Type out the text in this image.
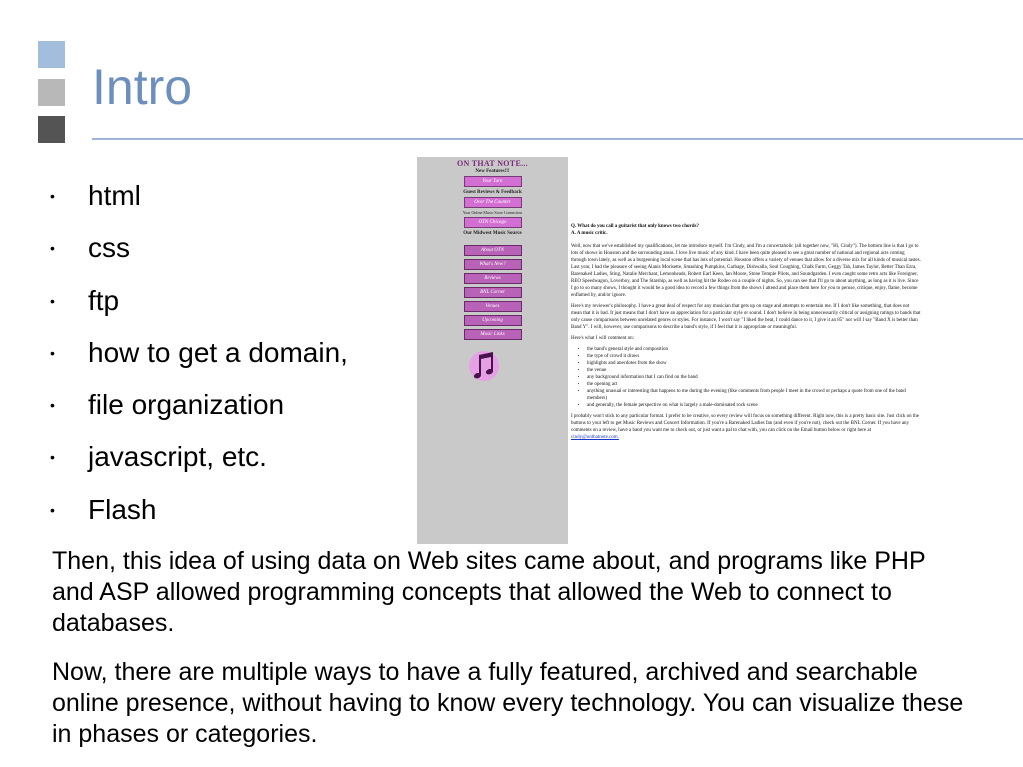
Intro
•	html
•	css
•	ftp
•	how to get a domain,
•	file organization
•	javascript, etc.
•	Flash
ON THAT NOTE...
New Features!!!
Your Turn
Guest Reviews & Feedback
Over The Counter
Your Online Music Store Connection
OTN Chicago
Our Midwest Music Source
About OTN
What's New?
Reviews
BNL Corner
Venues
Upcoming
Music Links

Q. What do you call a guitarist that only knows two chords?

A. A music critic.

Well, now that we've established my qualifications, let me introduce myself. I'm Cindy, and I'm a concertaholic (all together now, "Hi, Cindy"). The bottom line is that I go to lots of shows in Houston and the surrounding areas. I love live music of any kind. I have been quite pleased to see a great number of national and regional acts coming through town lately, as well as a burgeoning local scene that has lots of potential. Houston offers a variety of venues that allow for a diverse mix for all kinds of musical tastes. Last year, I had the pleasure of seeing Alanis Morisette, Smashing Pumpkins, Garbage, Dishwalla, Soul Coughing, Chalk Farm, Geggy Tah, James Taylor, Better Than Ezra, Barenaked Ladies, Sting, Natalie Merchant, Lemonheads, Robert Earl Keen, Ian Moore, Stone Temple Pilots, and Soundgarden. I even caught some retro acts like Foreigner, REO Speedwagon, Loverboy, and The Starship, as well as having hit the Rodeo on a couple of nights. So, you can see that I'll go to about anything, as long as it is live. Since I go to so many shows, I thought it would be a good idea to record a few things from the shows I attend and place them here for you to peruse, critique, enjoy, flame, become enflamed by, and/or ignore.

Here's my reviewer's philosophy. I have a great deal of respect for any musician that gets up on stage and attempts to entertain me. If I don't like something, that does not mean that it is bad. It just means that I don't have an appreciation for a particular style or sound. I don't believe in being unnecessarily critical or assigning ratings to bands that only cause comparisons between unrelated genres or styles. For instance, I won't say "I liked the beat, I could dance to it, I give it an 85" nor will I say "Band X is better than Band Y". I will, however, use comparisons to describe a band's style, if I feel that it is appropriate or meaningful.

Here's what I will comment on:

• the band's general style and composition
• the type of crowd it draws
• highlights and anecdotes from the show
• the venue
• any background information that I can find on the band
• the opening act
• anything unusual or interesting that happens to me during the evening (like comments from people I meet in the crowd or perhaps a quote from one of the band members)
• and generally, the female perspective on what is largely a male-dominated rock scene

I probably won't stick to any particular format. I prefer to be creative, so every review will focus on something different. Right now, this is a pretty basic site. Just click on the buttons to your left to get Music Reviews and Concert Information. If you're a Barenaked Ladies fan (and even if you're not), check out the BNL Corner. If you have any comments on a review, have a band you want me to check out, or just want a pal to chat with, you can click on the Email button below or right here at
cindy@onthatnote.com.

Then, this idea of using data on Web sites came about, and programs like PHP and ASP allowed programming concepts that allowed the Web to connect to databases.

Now, there are multiple ways to have a fully featured, archived and searchable online presence, without having to know every technology. You can visualize these in phases or categories.
